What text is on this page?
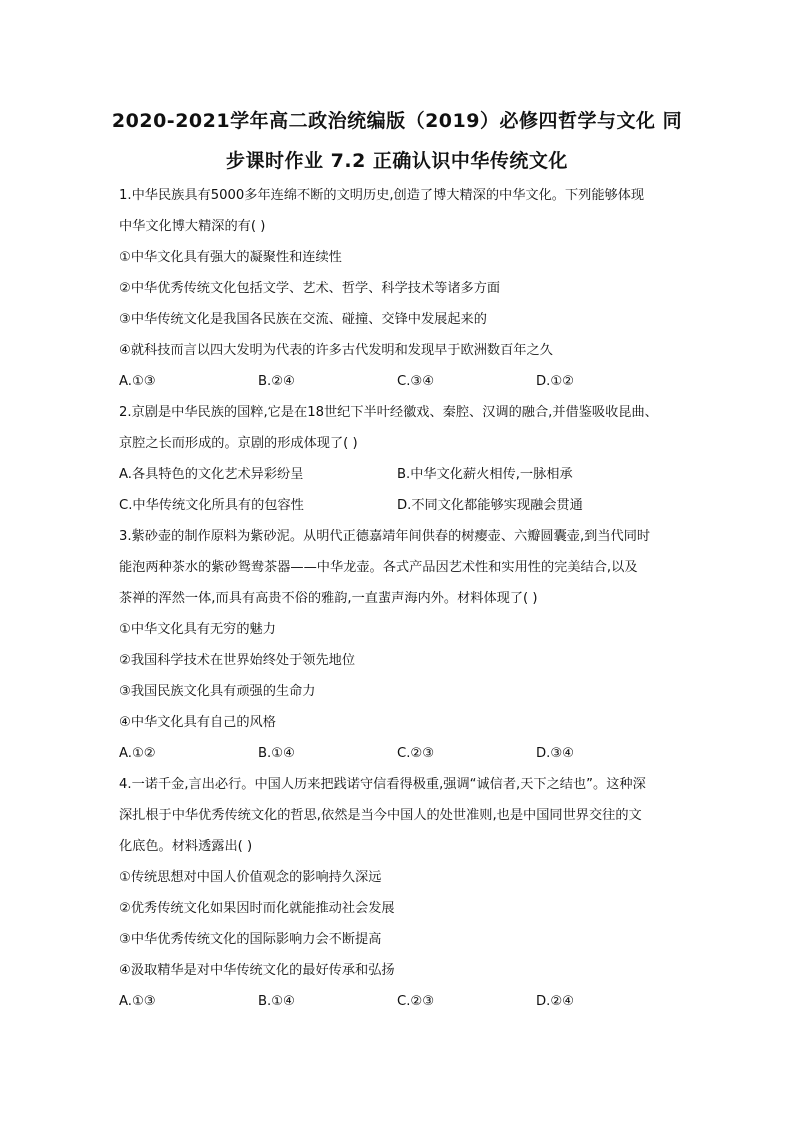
2020-2021学年高二政治统编版（2019）必修四哲学与文化 同
步课时作业 7.2 正确认识中华传统文化
1.中华民族具有5000多年连绵不断的文明历史,创造了博大精深的中华文化。下列能够体现
中华文化博大精深的有( )
①中华文化具有强大的凝聚性和连续性
②中华优秀传统文化包括文学、艺术、哲学、科学技术等诸多方面
③中华传统文化是我国各民族在交流、碰撞、交锋中发展起来的
④就科技而言以四大发明为代表的许多古代发明和发现早于欧洲数百年之久
A.①③	B.②④	C.③④	D.①②
2.京剧是中华民族的国粹,它是在18世纪下半叶经徽戏、秦腔、汉调的融合,并借鉴吸收昆曲、
京腔之长而形成的。京剧的形成体现了( )
A.各具特色的文化艺术异彩纷呈	B.中华文化薪火相传,一脉相承
C.中华传统文化所具有的包容性	D.不同文化都能够实现融会贯通
3.紫砂壶的制作原料为紫砂泥。从明代正德嘉靖年间供春的树瘿壶、六瓣圆囊壶,到当代同时
能泡两种茶水的紫砂鸳鸯茶器——中华龙壶。各式产品因艺术性和实用性的完美结合,以及
茶禅的浑然一体,而具有高贵不俗的雅韵,一直蜚声海内外。材料体现了( )
①中华文化具有无穷的魅力
②我国科学技术在世界始终处于领先地位
③我国民族文化具有顽强的生命力
④中华文化具有自己的风格
A.①②	B.①④	C.②③	D.③④
4.一诺千金,言出必行。中国人历来把践诺守信看得极重,强调“诚信者,天下之结也”。这种深
深扎根于中华优秀传统文化的哲思,依然是当今中国人的处世准则,也是中国同世界交往的文
化底色。材料透露出( )
①传统思想对中国人价值观念的影响持久深远
②优秀传统文化如果因时而化就能推动社会发展
③中华优秀传统文化的国际影响力会不断提高
④汲取精华是对中华传统文化的最好传承和弘扬
A.①③	B.①④	C.②③	D.②④
